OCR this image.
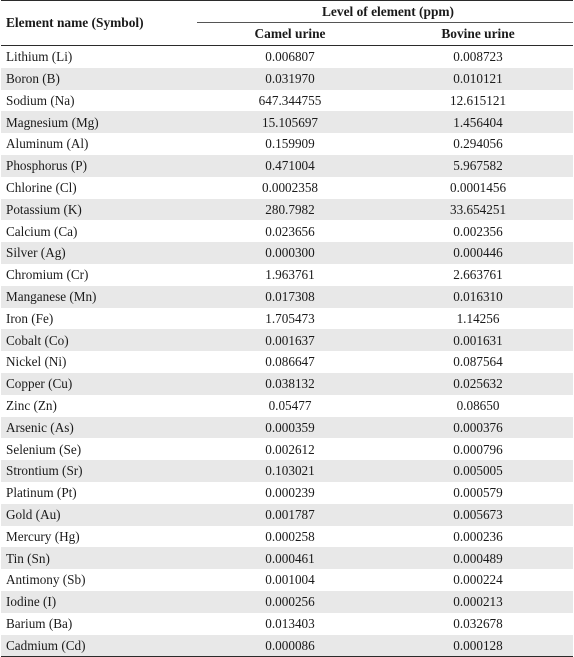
Element name (Symbol)	Level of element (ppm)	
	Camel urine	Bovine urine
Lithium (Li)	0.006807	0.008723
Boron (B)	0.031970	0.010121
Sodium (Na)	647.344755	12.615121
Magnesium (Mg)	15.105697	1.456404
Aluminum (Al)	0.159909	0.294056
Phosphorus (P)	0.471004	5.967582
Chlorine (Cl)	0.0002358	0.0001456
Potassium (K)	280.7982	33.654251
Calcium (Ca)	0.023656	0.002356
Silver (Ag)	0.000300	0.000446
Chromium (Cr)	1.963761	2.663761
Manganese (Mn)	0.017308	0.016310
Iron (Fe)	1.705473	1.14256
Cobalt (Co)	0.001637	0.001631
Nickel (Ni)	0.086647	0.087564
Copper (Cu)	0.038132	0.025632
Zinc (Zn)	0.05477	0.08650
Arsenic (As)	0.000359	0.000376
Selenium (Se)	0.002612	0.000796
Strontium (Sr)	0.103021	0.005005
Platinum (Pt)	0.000239	0.000579
Gold (Au)	0.001787	0.005673
Mercury (Hg)	0.000258	0.000236
Tin (Sn)	0.000461	0.000489
Antimony (Sb)	0.001004	0.000224
Iodine (I)	0.000256	0.000213
Barium (Ba)	0.013403	0.032678
Cadmium (Cd)	0.000086	0.000128
